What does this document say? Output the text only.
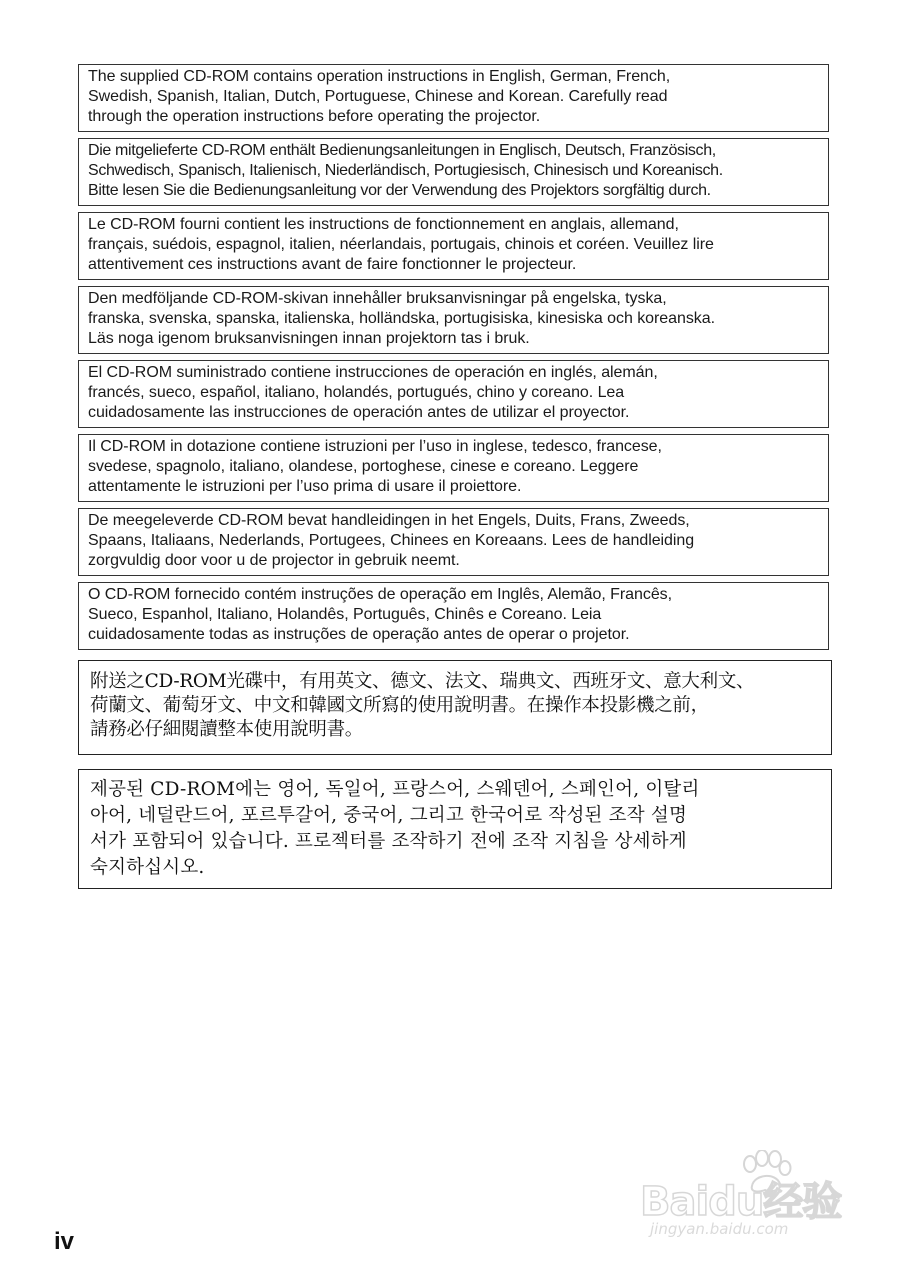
The supplied CD-ROM contains operation instructions in English, German, French,
Swedish, Spanish, Italian, Dutch, Portuguese, Chinese and Korean. Carefully read
through the operation instructions before operating the projector.
Die mitgelieferte CD-ROM enthält Bedienungsanleitungen in Englisch, Deutsch, Französisch,
Schwedisch, Spanisch, Italienisch, Niederländisch, Portugiesisch, Chinesisch und Koreanisch.
Bitte lesen Sie die Bedienungsanleitung vor der Verwendung des Projektors sorgfältig durch.
Le CD-ROM fourni contient les instructions de fonctionnement en anglais, allemand,
français, suédois, espagnol, italien, néerlandais, portugais, chinois et coréen. Veuillez lire
attentivement ces instructions avant de faire fonctionner le projecteur.
Den medföljande CD-ROM-skivan innehåller bruksanvisningar på engelska, tyska,
franska, svenska, spanska, italienska, holländska, portugisiska, kinesiska och koreanska.
Läs noga igenom bruksanvisningen innan projektorn tas i bruk.
El CD-ROM suministrado contiene instrucciones de operación en inglés, alemán,
francés, sueco, español, italiano, holandés, portugués, chino y coreano. Lea
cuidadosamente las instrucciones de operación antes de utilizar el proyector.
Il CD-ROM in dotazione contiene istruzioni per l’uso in inglese, tedesco, francese,
svedese, spagnolo, italiano, olandese, portoghese, cinese e coreano. Leggere
attentamente le istruzioni per l’uso prima di usare il proiettore.
De meegeleverde CD-ROM bevat handleidingen in het Engels, Duits, Frans, Zweeds,
Spaans, Italiaans, Nederlands, Portugees, Chinees en Koreaans. Lees de handleiding
zorgvuldig door voor u de projector in gebruik neemt.
O CD-ROM fornecido contém instruções de operação em Inglês, Alemão, Francês,
Sueco, Espanhol, Italiano, Holandês, Português, Chinês e Coreano. Leia
cuidadosamente todas as instruções de operação antes de operar o projetor.
附送之CD-ROM光碟中，有用英文、德文、法文、瑞典文、西班牙文、意大利文、
荷蘭文、葡萄牙文、中文和韓國文所寫的使用說明書。在操作本投影機之前，
請務必仔細閱讀整本使用說明書。
제공된 CD-ROM에는 영어, 독일어, 프랑스어, 스웨덴어, 스페인어, 이탈리
아어, 네덜란드어, 포르투갈어, 중국어, 그리고 한국어로 작성된 조작 설명
서가 포함되어 있습니다. 프로젝터를 조작하기 전에 조작 지침을 상세하게
숙지하십시오.
Baidu经验
jingyan.baidu.com
iv
